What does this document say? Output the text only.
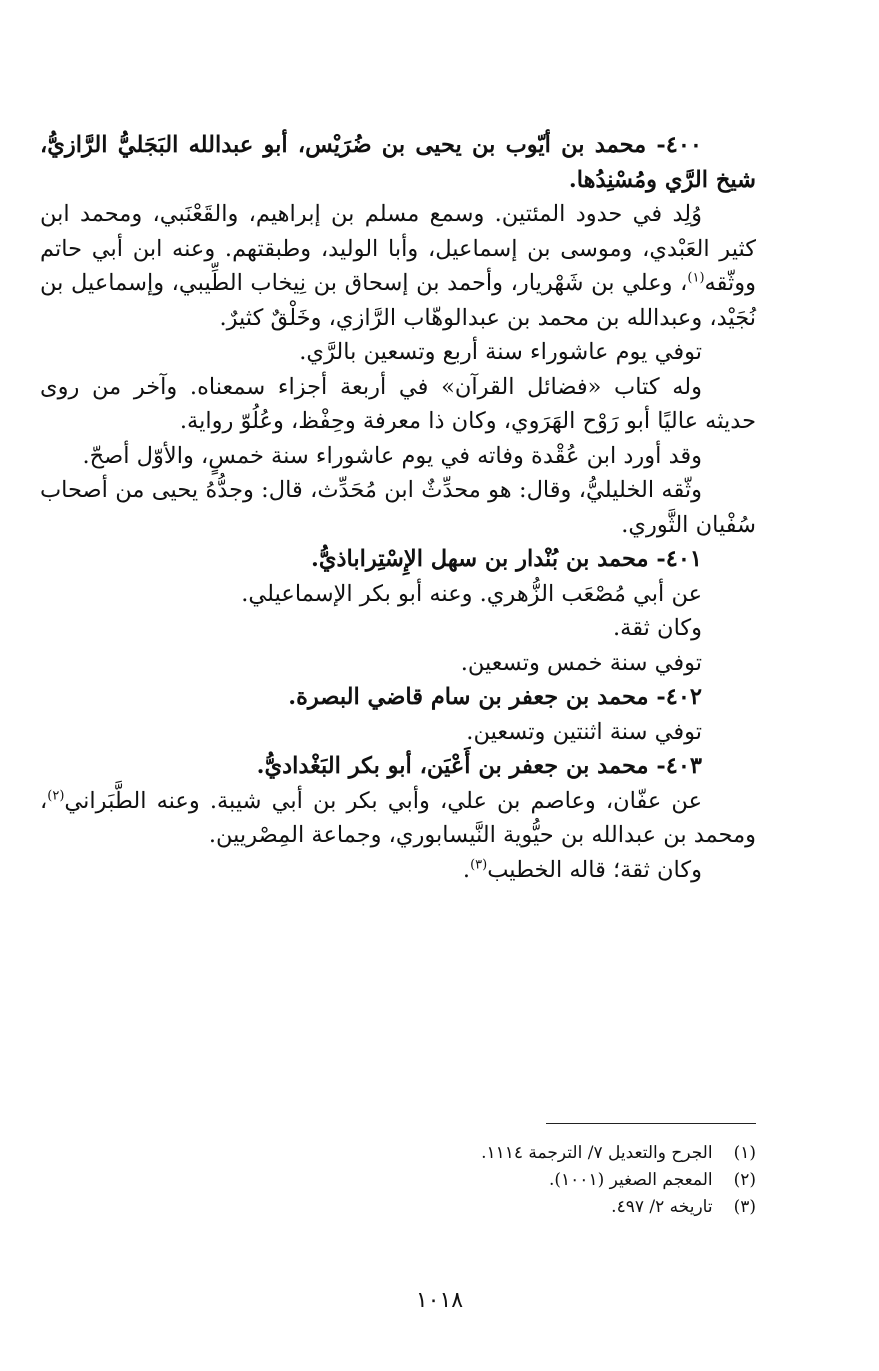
٤٠٠- محمد بن أيّوب بن يحيى بن ضُرَيْس، أبو عبدالله البَجَليُّ الرَّازيُّ، شيخ الرَّي ومُسْنِدُها.

وُلِد في حدود المئتين. وسمع مسلم بن إبراهيم، والقَعْنَبي، ومحمد ابن كثير العَبْدي، وموسى بن إسماعيل، وأبا الوليد، وطبقتهم. وعنه ابن أبي حاتم ووثّقه$^{(١)}$، وعلي بن شَهْريار، وأحمد بن إسحاق بن نِيخاب الطِّيبي، وإسماعيل بن نُجَيْد، وعبدالله بن محمد بن عبدالوهّاب الرَّازي، وخَلْقٌ كثيرٌ.

توفي يوم عاشوراء سنة أربع وتسعين بالرَّي.

وله كتاب «فضائل القرآن» في أربعة أجزاء سمعناه. وآخر من روى حديثه عاليًا أبو رَوْح الهَرَوي، وكان ذا معرفة وحِفْظ، وعُلُوّ رواية.

وقد أورد ابن عُقْدة وفاته في يوم عاشوراء سنة خمسٍ، والأوّل أصحّ.

وثّقه الخليليُّ، وقال: هو محدِّثٌ ابن مُحَدِّث، قال: وجدُّهُ يحيى من أصحاب سُفْيان الثَّوري.

٤٠١- محمد بن بُنْدار بن سهل الإِسْتِراباذيُّ.

عن أبي مُصْعَب الزُّهري. وعنه أبو بكر الإسماعيلي.

وكان ثقة.

توفي سنة خمس وتسعين.

٤٠٢- محمد بن جعفر بن سام قاضي البصرة.

توفي سنة اثنتين وتسعين.

٤٠٣- محمد بن جعفر بن أَعْيَن، أبو بكر البَغْداديُّ.

عن عفّان، وعاصم بن علي، وأبي بكر بن أبي شيبة. وعنه الطَّبَراني$^{(٢)}$، ومحمد بن عبدالله بن حيُّوية النَّيسابوري، وجماعة المِصْريين.

وكان ثقة؛ قاله الخطيب$^{(٣)}$.

(١) الجرح والتعديل ٧/ الترجمة ١١١٤.

(٢) المعجم الصغير (١٠٠١).

(٣) تاريخه ٢/ ٤٩٧.

١٠١٨
